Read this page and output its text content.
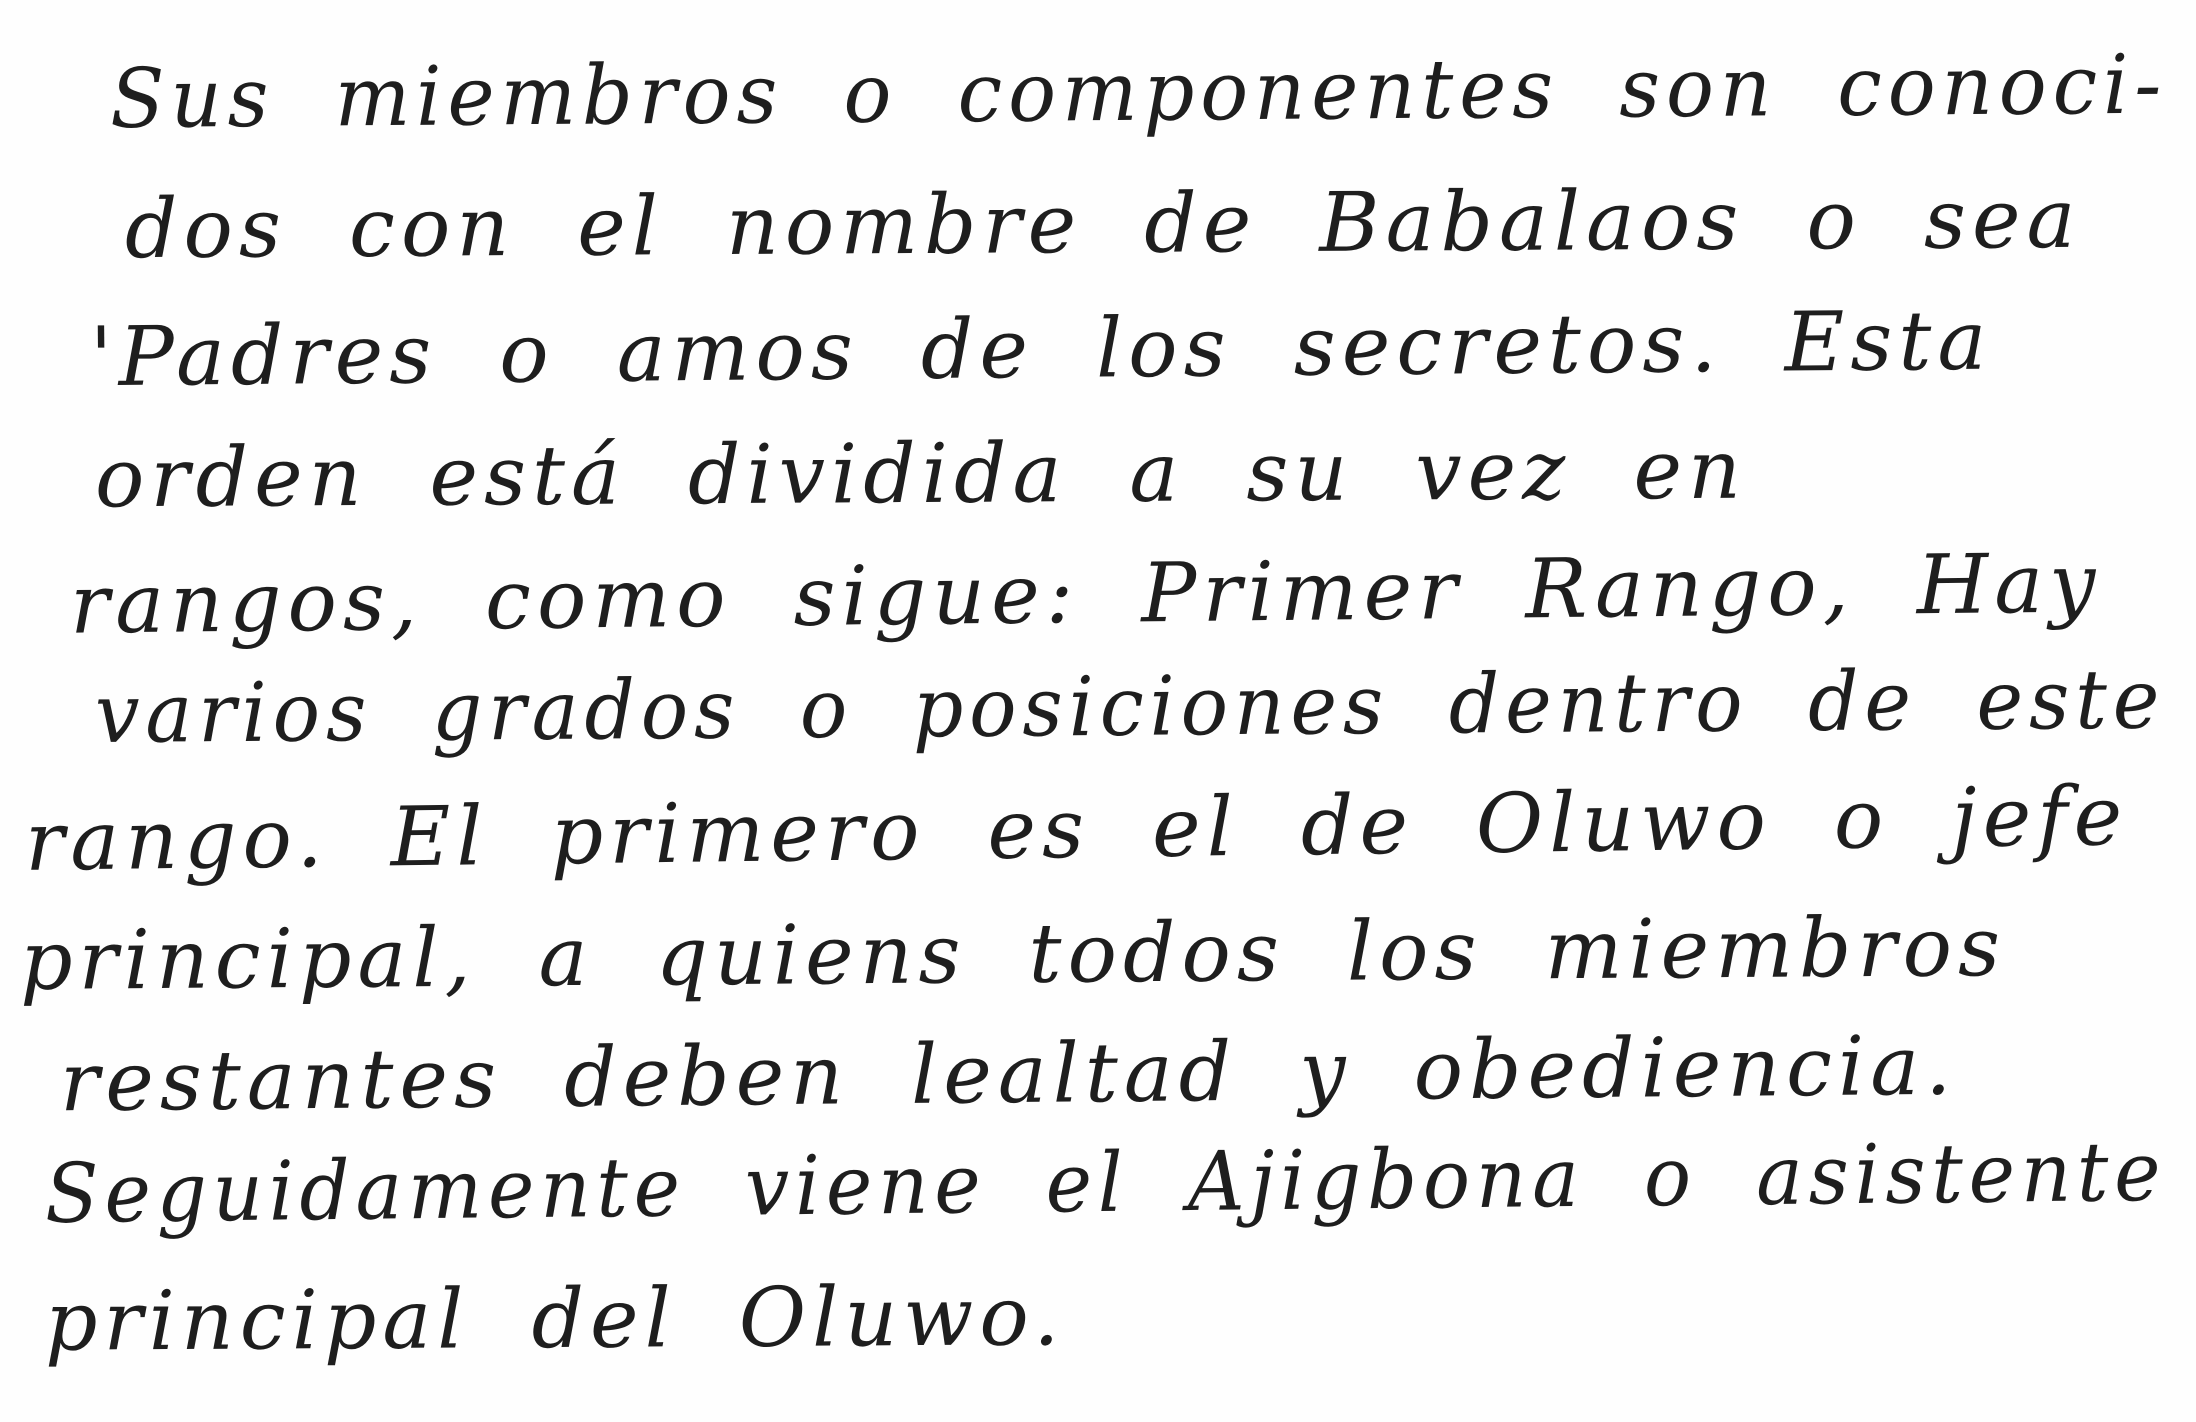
Sus miembros o componentes son conoci-
dos con el nombre de Babalaos o sea
'Padres o amos de los secretos. Esta
orden está dividida a su vez en
rangos, como sigue: Primer Rango, Hay
varios grados o posiciones dentro de este
rango. El primero es el de Oluwo o jefe
principal, a quiens todos los miembros
restantes deben lealtad y obediencia.
Seguidamente viene el Ajigbona o asistente
principal del Oluwo.
